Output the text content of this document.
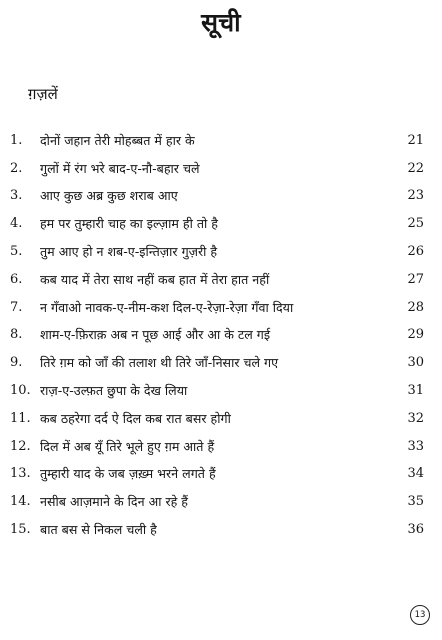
सूची
ग़ज़लें
1.	दोनों जहान तेरी मोहब्बत में हार के	21
2.	गुलों में रंग भरे बाद-ए-नौ-बहार चले	22
3.	आए कुछ अब्र कुछ शराब आए	23
4.	हम पर तुम्हारी चाह का इल्ज़ाम ही तो है	25
5.	तुम आए हो न शब-ए-इन्तिज़ार गुज़री है	26
6.	कब याद में तेरा साथ नहीं कब हात में तेरा हात नहीं	27
7.	न गँवाओ नावक-ए-नीम-कश दिल-ए-रेज़ा-रेज़ा गँवा दिया	28
8.	शाम-ए-फ़िराक़ अब न पूछ आई और आ के टल गई	29
9.	तिरे ग़म को जाँ की तलाश थी तिरे जाँ-निसार चले गए	30
10. राज़-ए-उल्फ़त छुपा के देख लिया	31
11. कब ठहरेगा दर्द ऐ दिल कब रात बसर होगी	32
12. दिल में अब यूँ तिरे भूले हुए ग़म आते हैं	33
13. तुम्हारी याद के जब ज़ख़्म भरने लगते हैं	34
14. नसीब आज़माने के दिन आ रहे हैं	35
15. बात बस से निकल चली है	36
13
